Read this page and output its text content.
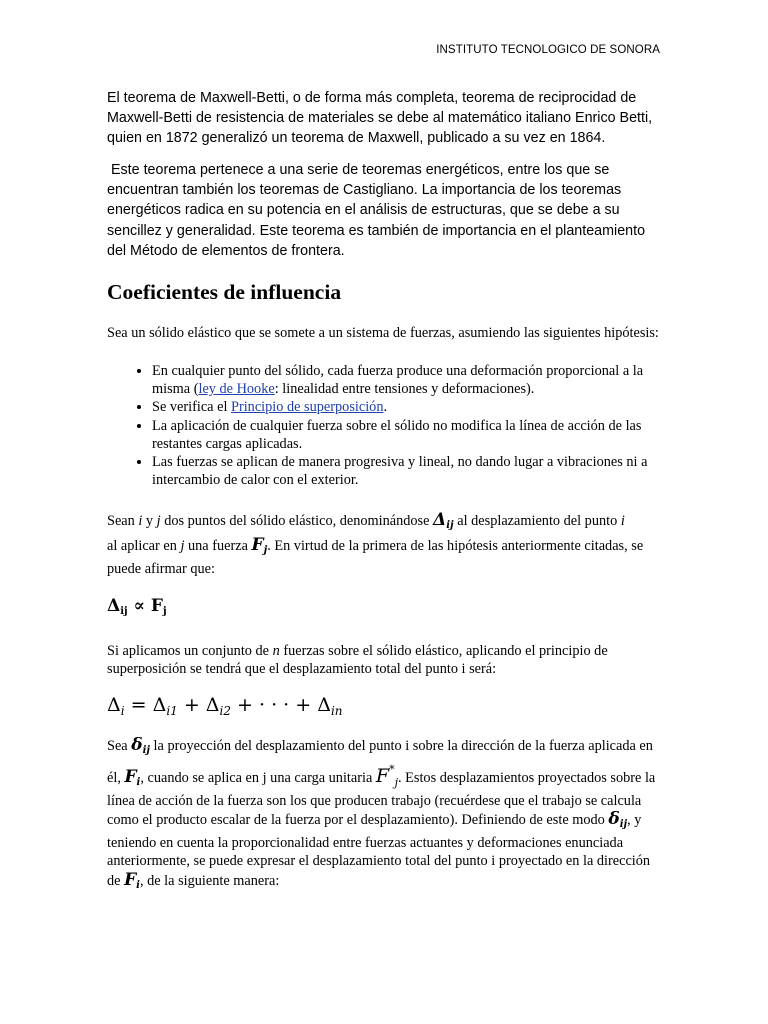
INSTITUTO TECNOLOGICO DE SONORA

El teorema de Maxwell-Betti, o de forma más completa, teorema de reciprocidad de Maxwell-Betti de resistencia de materiales se debe al matemático italiano Enrico Betti, quien en 1872 generalizó un teorema de Maxwell, publicado a su vez en 1864.

Este teorema pertenece a una serie de teoremas energéticos, entre los que se encuentran también los teoremas de Castigliano. La importancia de los teoremas energéticos radica en su potencia en el análisis de estructuras, que se debe a su sencillez y generalidad. Este teorema es también de importancia en el planteamiento del Método de elementos de frontera.

Coeficientes de influencia

Sea un sólido elástico que se somete a un sistema de fuerzas, asumiendo las siguientes hipótesis:

• En cualquier punto del sólido, cada fuerza produce una deformación proporcional a la misma (ley de Hooke: linealidad entre tensiones y deformaciones).
• Se verifica el Principio de superposición.
• La aplicación de cualquier fuerza sobre el sólido no modifica la línea de acción de las restantes cargas aplicadas.
• Las fuerzas se aplican de manera progresiva y lineal, no dando lugar a vibraciones ni a intercambio de calor con el exterior.

Sean i y j dos puntos del sólido elástico, denominándose $\Delta_{ij}$ al desplazamiento del punto i
al aplicar en j una fuerza $F_j$. En virtud de la primera de las hipótesis anteriormente citadas, se puede afirmar que:

$\Delta_{ij} \propto F_j$

Si aplicamos un conjunto de n fuerzas sobre el sólido elástico, aplicando el principio de superposición se tendrá que el desplazamiento total del punto i será:

$\Delta_i = \Delta_{i1} + \Delta_{i2}$ + · · · + $\Delta_{in}$

Sea $\delta_{ij}$ la proyección del desplazamiento del punto i sobre la dirección de la fuerza aplicada en él, $F_i$, cuando se aplica en j una carga unitaria $F^*_j$. Estos desplazamientos proyectados sobre la línea de acción de la fuerza son los que producen trabajo (recuérdese que el trabajo se calcula como el producto escalar de la fuerza por el desplazamiento). Definiendo de este modo $\delta_{ij}$, y teniendo en cuenta la proporcionalidad entre fuerzas actuantes y deformaciones enunciada anteriormente, se puede expresar el desplazamiento total del punto i proyectado en la dirección de $F_i$, de la siguiente manera:
